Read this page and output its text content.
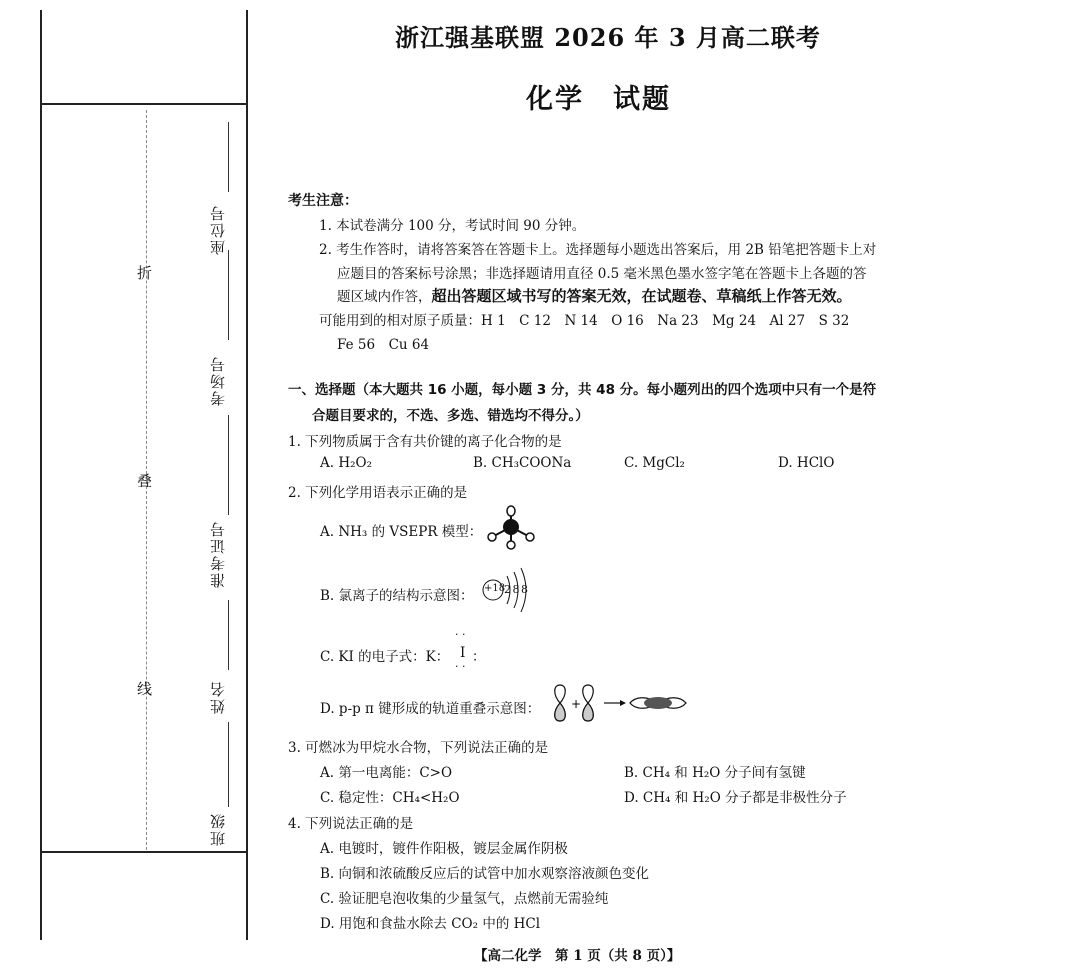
折
叠
线
座位号
考场号
准考证号
姓名
班级
浙江强基联盟 2026 年 3 月高二联考
化学　试题
考生注意：
1. 本试卷满分 100 分，考试时间 90 分钟。
2. 考生作答时，请将答案答在答题卡上。选择题每小题选出答案后，用 2B 铅笔把答题卡上对
应题目的答案标号涂黑；非选择题请用直径 0.5 毫米黑色墨水签字笔在答题卡上各题的答
题区域内作答，超出答题区域书写的答案无效，在试题卷、草稿纸上作答无效。
可能用到的相对原子质量：H 1　C 12　N 14　O 16　Na 23　Mg 24　Al 27　S 32
Fe 56　Cu 64
一、选择题（本大题共 16 小题，每小题 3 分，共 48 分。每小题列出的四个选项中只有一个是符
合题目要求的，不选、多选、错选均不得分。）
1. 下列物质属于含有共价键的离子化合物的是
A. H₂O₂	B. CH₃COONa	C. MgCl₂	D. HClO
2. 下列化学用语表示正确的是
A. NH₃ 的 VSEPR 模型：
B. 氯离子的结构示意图： +18
2 8 8
C. KI 的电子式：K：
· ·
I ：
· ·
D. p-p π 键形成的轨道重叠示意图：	+
3. 可燃冰为甲烷水合物，下列说法正确的是
A. 第一电离能：C>O	B. CH₄ 和 H₂O 分子间有氢键
C. 稳定性：CH₄<H₂O	D. CH₄ 和 H₂O 分子都是非极性分子
4. 下列说法正确的是
A. 电镀时，镀件作阳极，镀层金属作阴极
B. 向铜和浓硫酸反应后的试管中加水观察溶液颜色变化
C. 验证肥皂泡收集的少量氢气，点燃前无需验纯
D. 用饱和食盐水除去 CO₂ 中的 HCl
【高二化学　第 1 页（共 8 页）】
